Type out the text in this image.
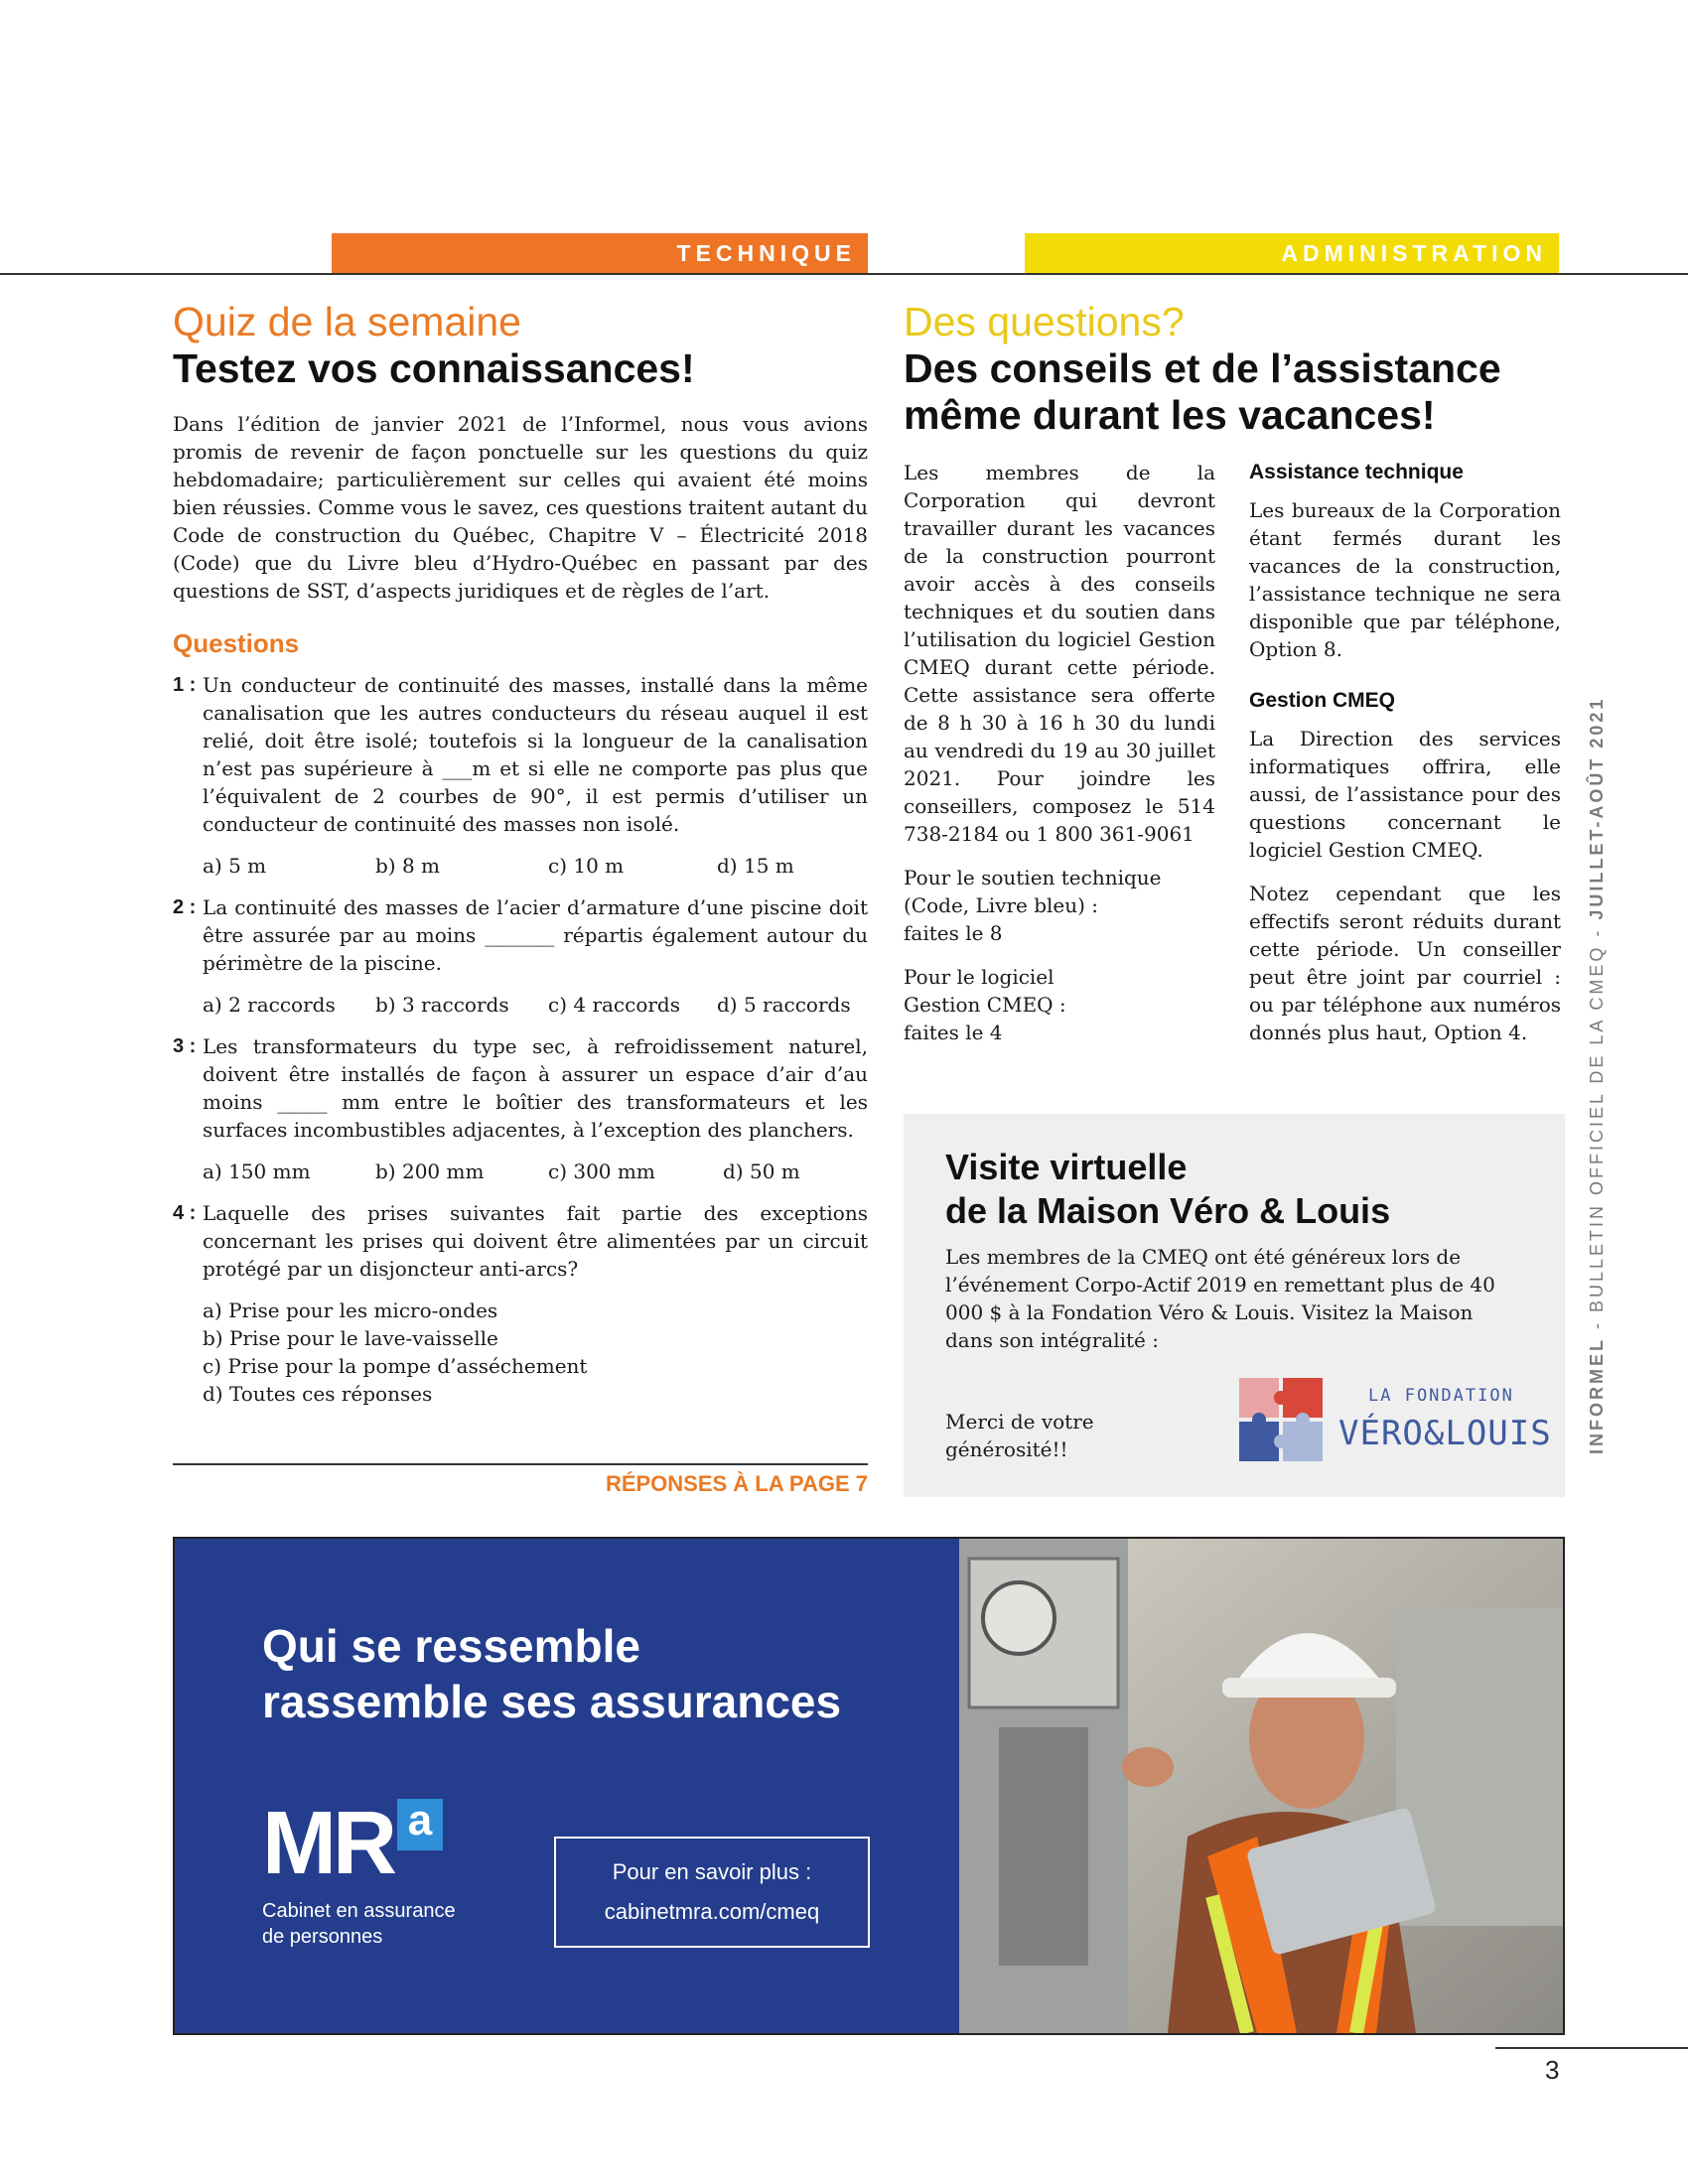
TECHNIQUE	ADMINISTRATION
Quiz de la semaine
Testez vos connaissances!

Dans l’édition de janvier 2021 de l’Informel, nous vous avions promis de revenir de façon ponctuelle sur les questions du quiz hebdomadaire; particulièrement sur celles qui avaient été moins bien réussies. Comme vous le savez, ces questions traitent autant du Code de construction du Québec, Chapitre V – Électricité 2018 (Code) que du Livre bleu d’Hydro-Québec en passant par des questions de SST, d’aspects juridiques et de règles de l’art.

Questions
1 : Un conducteur de continuité des masses, installé dans la même canalisation que les autres conducteurs du réseau auquel il est relié, doit être isolé; toutefois si la longueur de la canalisation n’est pas supérieure à ___m et si elle ne comporte pas plus que l’équivalent de 2 courbes de 90°, il est permis d’utiliser un conducteur de continuité des masses non isolé.
a) 5 m	b) 8 m	c) 10 m	d) 15 m
2 : La continuité des masses de l’acier d’armature d’une piscine doit être assurée par au moins _______ répartis également autour du périmètre de la piscine.
a) 2 raccords	b) 3 raccords	c) 4 raccords	d) 5 raccords
3 : Les transformateurs du type sec, à refroidissement naturel, doivent être installés de façon à assurer un espace d’air d’au moins _____ mm entre le boîtier des transformateurs et les surfaces incombustibles adjacentes, à l’exception des planchers.
a) 150 mm	b) 200 mm	c) 300 mm	d) 50 m
4 : Laquelle des prises suivantes fait partie des exceptions concernant les prises qui doivent être alimentées par un circuit protégé par un disjoncteur anti-arcs?
a) Prise pour les micro-ondes
b) Prise pour le lave-vaisselle
c) Prise pour la pompe d’asséchement
d) Toutes ces réponses
RÉPONSES À LA PAGE 7
Des questions?
Des conseils et de l’assistance
même durant les vacances!

Les membres de la Corporation qui devront travailler durant les vacances de la construction pourront avoir accès à des conseils techniques et du soutien dans l’utilisation du logiciel Gestion CMEQ durant cette période. Cette assistance sera offerte de 8 h 30 à 16 h 30 du lundi au vendredi du 19 au 30 juillet 2021. Pour joindre les conseillers, composez le 514 738-2184 ou 1 800 361-9061

Pour le soutien technique
(Code, Livre bleu) :
faites le 8
Pour le logiciel
Gestion CMEQ :
faites le 4
Assistance technique

Les bureaux de la Corporation étant fermés durant les vacances de la construction, l’assistance technique ne sera disponible que par téléphone, Option 8.

Gestion CMEQ

La Direction des services informatiques offrira, elle aussi, de l’assistance pour des questions concernant le logiciel Gestion CMEQ.

Notez cependant que les effectifs seront réduits durant cette période. Un conseiller peut être joint par courriel : ou par téléphone aux numéros donnés plus haut, Option 4.

Visite virtuelle
de la Maison Véro & Louis

Les membres de la CMEQ ont été généreux lors de l’événement Corpo-Actif 2019 en remettant plus de 40 000 $ à la Fondation Véro & Louis. Visitez la Maison dans son intégralité :

Merci de votre
générosité!!
LA FONDATION
VÉRO&LOUIS INFORMEL - BULLETIN OFFICIEL DE LA CMEQ - JUILLET-AOÛT 2021
Qui se ressemble
rassemble ses assurances
MR a
Cabinet en assurance
de personnes
Pour en savoir plus :
cabinetmra.com/cmeq
3
